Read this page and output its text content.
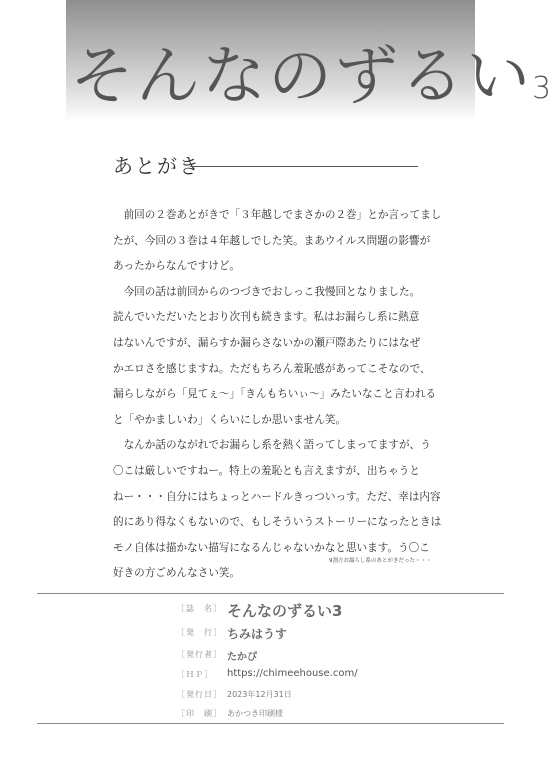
そんなのずるい3
あとがき
　前回の２巻あとがきで「３年越しでまさかの２巻」とか言ってまし
たが、今回の３巻は４年越しでした笑。まあウイルス問題の影響が
あったからなんですけど。
　今回の話は前回からのつづきでおしっこ我慢回となりました。
読んでいただいたとおり次刊も続きます。私はお漏らし系に熱意
はないんですが、漏らすか漏らさないかの瀬戸際あたりにはなぜ
かエロさを感じますね。ただもちろん羞恥感があってこそなので、
漏らしながら「見てぇ～」「きんもちいぃ～」みたいなこと言われる
と「やかましいわ」くらいにしか思いません笑。
　なんか話のながれでお漏らし系を熱く語ってしまってますが、う
〇こは厳しいですねー。特上の羞恥とも言えますが、出ちゃうと
ねー・・・自分にはちょっとハードルきっついっす。ただ、幸は内容
的にあり得なくもないので、もしそういうストーリーになったときは
モノ自体は描かない描写になるんじゃないかなと思います。う〇こ
好きの方ごめんなさい笑。
9割方お漏らし系のあとがきだった・・・
［誌　名］ そんなのずるい3
［発　行］ ちみはうす
［発行者］ たかぴ
［ＨＰ］	https://chimeehouse.com/
［発行日］ 2023年12月31日
［印　刷］ あかつき印刷様
